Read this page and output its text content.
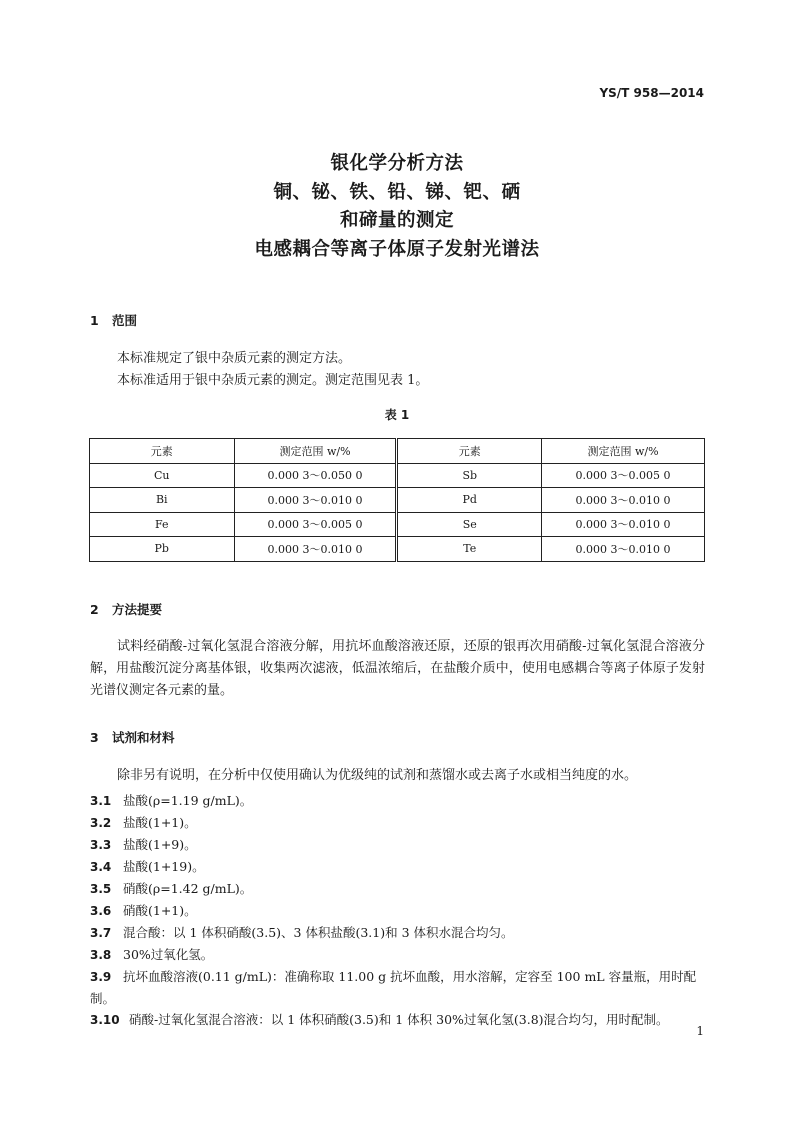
YS/T 958—2014
银化学分析方法
铜、铋、铁、铅、锑、钯、硒
和碲量的测定
电感耦合等离子体原子发射光谱法
1 范围
本标准规定了银中杂质元素的测定方法。
本标准适用于银中杂质元素的测定。测定范围见表 1。
表 1
元素	测定范围 w/%	元素	测定范围 w/%
Cu	0.000 3～0.050 0	Sb	0.000 3～0.005 0
Bi	0.000 3～0.010 0	Pd	0.000 3～0.010 0
Fe	0.000 3～0.005 0	Se	0.000 3～0.010 0
Pb	0.000 3～0.010 0	Te	0.000 3～0.010 0
2 方法提要
试料经硝酸-过氧化氢混合溶液分解，用抗坏血酸溶液还原，还原的银再次用硝酸-过氧化氢混合溶液分解，用盐酸沉淀分离基体银，收集两次滤液，低温浓缩后，在盐酸介质中，使用电感耦合等离子体原子发射光谱仪测定各元素的量。
3 试剂和材料
除非另有说明，在分析中仅使用确认为优级纯的试剂和蒸馏水或去离子水或相当纯度的水。
3.1 盐酸(ρ=1.19 g/mL)。
3.2 盐酸(1+1)。
3.3 盐酸(1+9)。
3.4 盐酸(1+19)。
3.5 硝酸(ρ=1.42 g/mL)。
3.6 硝酸(1+1)。
3.7 混合酸：以 1 体积硝酸(3.5)、3 体积盐酸(3.1)和 3 体积水混合均匀。
3.8 30%过氧化氢。
3.9 抗坏血酸溶液(0.11 g/mL)：准确称取 11.00 g 抗坏血酸，用水溶解，定容至 100 mL 容量瓶，用时配制。
3.10 硝酸-过氧化氢混合溶液：以 1 体积硝酸(3.5)和 1 体积 30%过氧化氢(3.8)混合均匀，用时配制。
1
